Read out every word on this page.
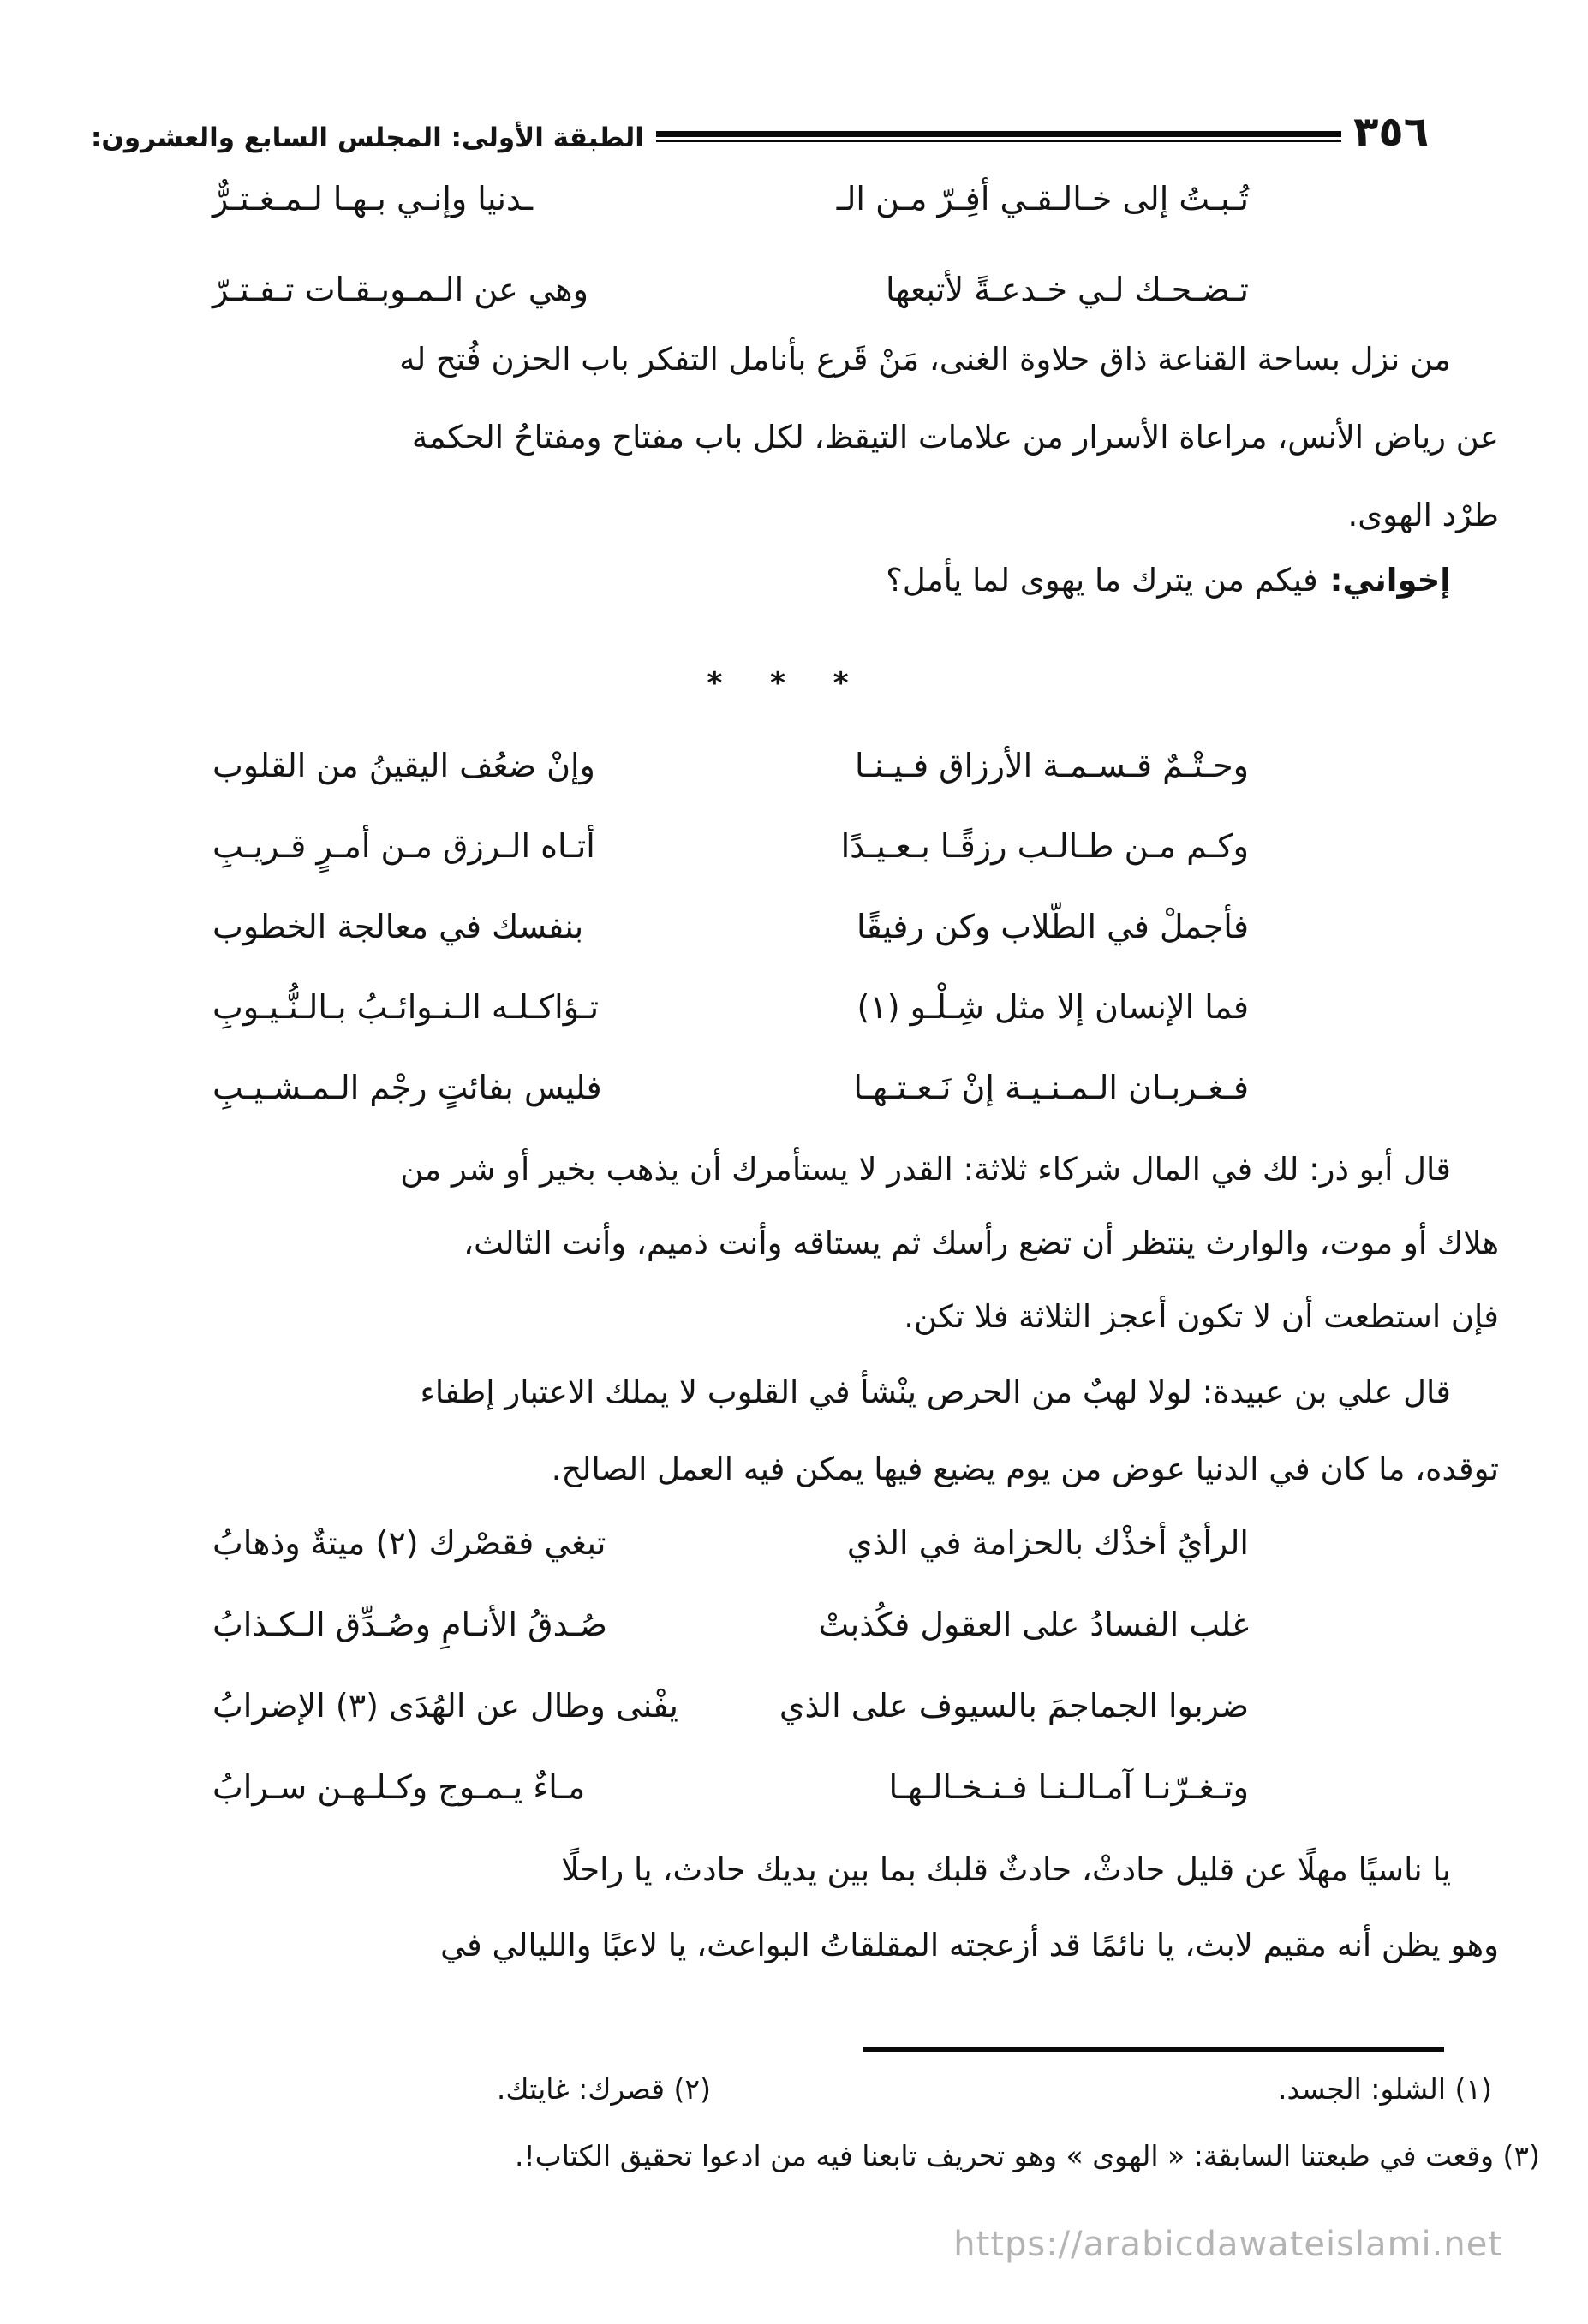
٣٥٦
الطبقة الأولى: المجلس السابع والعشرون:
تُـبـتُ إلى خـالـقـي أفِـرّ مـن الـ
ـدنيا وإنـي بـهـا لـمـغـتـرٌّ
تـضـحـك لـي خـدعـةً لأتبعها
وهي عن الـمـوبـقـات تـفـتـرّ
من نزل بساحة القناعة ذاق حلاوة الغنى، مَنْ قَرع بأنامل التفكر باب الحزن فُتح له
عن رياض الأنس، مراعاة الأسرار من علامات التيقظ، لكل باب مفتاح ومفتاحُ الحكمة
طرْد الهوى.
إخواني:فيكم من يترك ما يهوى لما يأمل؟
* * *
وحـتْـمٌ قـسـمـة الأرزاق فـيـنـا
وإنْ ضعُف اليقينُ من القلوب
وكـم مـن طـالـب رزقًـا بـعـيـدًا
أتـاه الـرزق مـن أمـرٍ قـريـبِ
فأجملْ في الطّلاب وكن رفيقًا
بنفسك في معالجة الخطوب
فما الإنسان إلا مثل شِـلْـو (١)
تـؤاكـلـه الـنـوائـبُ بـالـنُّـيـوبِ
فـغـربـان الـمـنـيـة إنْ نَـعـتـهـا
فليس بفائتٍ رجْم الـمـشـيـبِ
قال أبو ذر: لك في المال شركاء ثلاثة: القدر لا يستأمرك أن يذهب بخير أو شر من
هلاك أو موت، والوارث ينتظر أن تضع رأسك ثم يستاقه وأنت ذميم، وأنت الثالث،
فإن استطعت أن لا تكون أعجز الثلاثة فلا تكن.
قال علي بن عبيدة: لولا لهبٌ من الحرص ينْشأ في القلوب لا يملك الاعتبار إطفاء
توقده، ما كان في الدنيا عوض من يوم يضيع فيها يمكن فيه العمل الصالح.
الرأيُ أخذْك بالحزامة في الذي
تبغي فقصْرك (٢) ميتةٌ وذهابُ
غلب الفسادُ على العقول فكُذبتْ
صُـدقُ الأنـامِ وصُـدِّق الـكـذابُ
ضربوا الجماجمَ بالسيوف على الذي
يفْنى وطال عن الهُدَى (٣) الإضرابُ
وتـغـرّنـا آمـالـنـا فـنـخـالـهـا
مـاءٌ يـمـوج وكـلـهـن سـرابُ
يا ناسيًا مهلًا عن قليل حادثْ، حادثٌ قلبك بما بين يديك حادث، يا راحلًا
وهو يظن أنه مقيم لابث، يا نائمًا قد أزعجته المقلقاتُ البواعث، يا لاعبًا والليالي في
(١) الشلو: الجسد.
(٢) قصرك: غايتك.
(٣) وقعت في طبعتنا السابقة: « الهوى » وهو تحريف تابعنا فيه من ادعوا تحقيق الكتاب!.
https://arabicdawateislami.net
